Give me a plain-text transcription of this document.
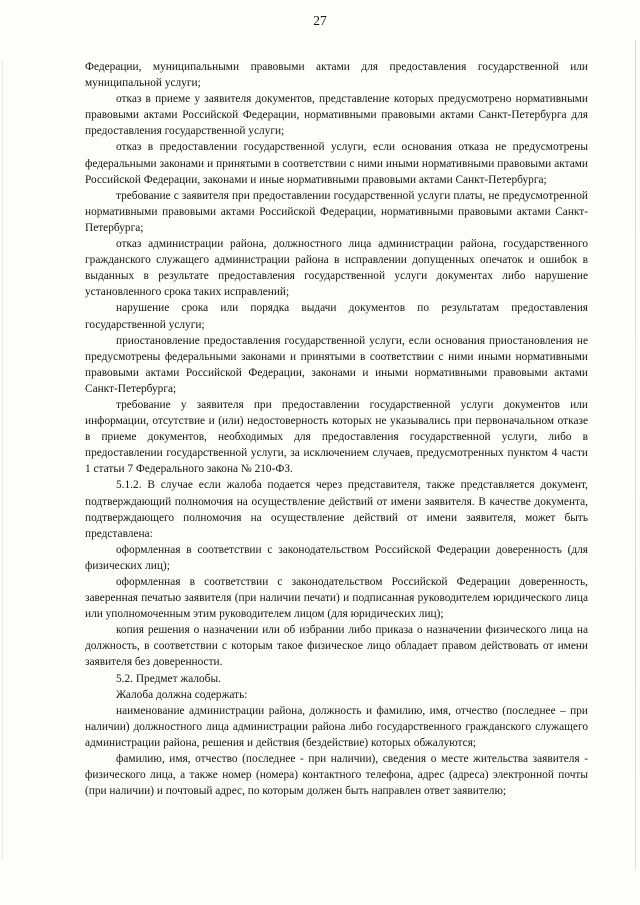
27

Федерации, муниципальными правовыми актами для предоставления государственной или муниципальной услуги;

отказ в приеме у заявителя документов, представление которых предусмотрено нормативными правовыми актами Российской Федерации, нормативными правовыми актами Санкт-Петербурга для предоставления государственной услуги;

отказ в предоставлении государственной услуги, если основания отказа не предусмотрены федеральными законами и принятыми в соответствии с ними иными нормативными правовыми актами Российской Федерации, законами и иные нормативными правовыми актами Санкт-Петербурга;

требование с заявителя при предоставлении государственной услуги платы, не предусмотренной нормативными правовыми актами Российской Федерации, нормативными правовыми актами Санкт-Петербурга;

отказ администрации района, должностного лица администрации района, государственного гражданского служащего администрации района в исправлении допущенных опечаток и ошибок в выданных в результате предоставления государственной услуги документах либо нарушение установленного срока таких исправлений;

нарушение срока или порядка выдачи документов по результатам предоставления государственной услуги;

приостановление предоставления государственной услуги, если основания приостановления не предусмотрены федеральными законами и принятыми в соответствии с ними иными нормативными правовыми актами Российской Федерации, законами и иными нормативными правовыми актами Санкт-Петербурга;

требование у заявителя при предоставлении государственной услуги документов или информации, отсутствие и (или) недостоверность которых не указывались при первоначальном отказе в приеме документов, необходимых для предоставления государственной услуги, либо в предоставлении государственной услуги, за исключением случаев, предусмотренных пунктом 4 части 1 статьи 7 Федерального закона № 210-ФЗ.

5.1.2. В случае если жалоба подается через представителя, также представляется документ, подтверждающий полномочия на осуществление действий от имени заявителя. В качестве документа, подтверждающего полномочия на осуществление действий от имени заявителя, может быть представлена:

оформленная в соответствии с законодательством Российской Федерации доверенность (для физических лиц);

оформленная в соответствии с законодательством Российской Федерации доверенность, заверенная печатью заявителя (при наличии печати) и подписанная руководителем юридического лица или уполномоченным этим руководителем лицом (для юридических лиц);

копия решения о назначении или об избрании либо приказа о назначении физического лица на должность, в соответствии с которым такое физическое лицо обладает правом действовать от имени заявителя без доверенности.

5.2. Предмет жалобы.

Жалоба должна содержать:

наименование администрации района, должность и фамилию, имя, отчество (последнее – при наличии) должностного лица администрации района либо государственного гражданского служащего администрации района, решения и действия (бездействие) которых обжалуются;

фамилию, имя, отчество (последнее - при наличии), сведения о месте жительства заявителя - физического лица, а также номер (номера) контактного телефона, адрес (адреса) электронной почты (при наличии) и почтовый адрес, по которым должен быть направлен ответ заявителю;
